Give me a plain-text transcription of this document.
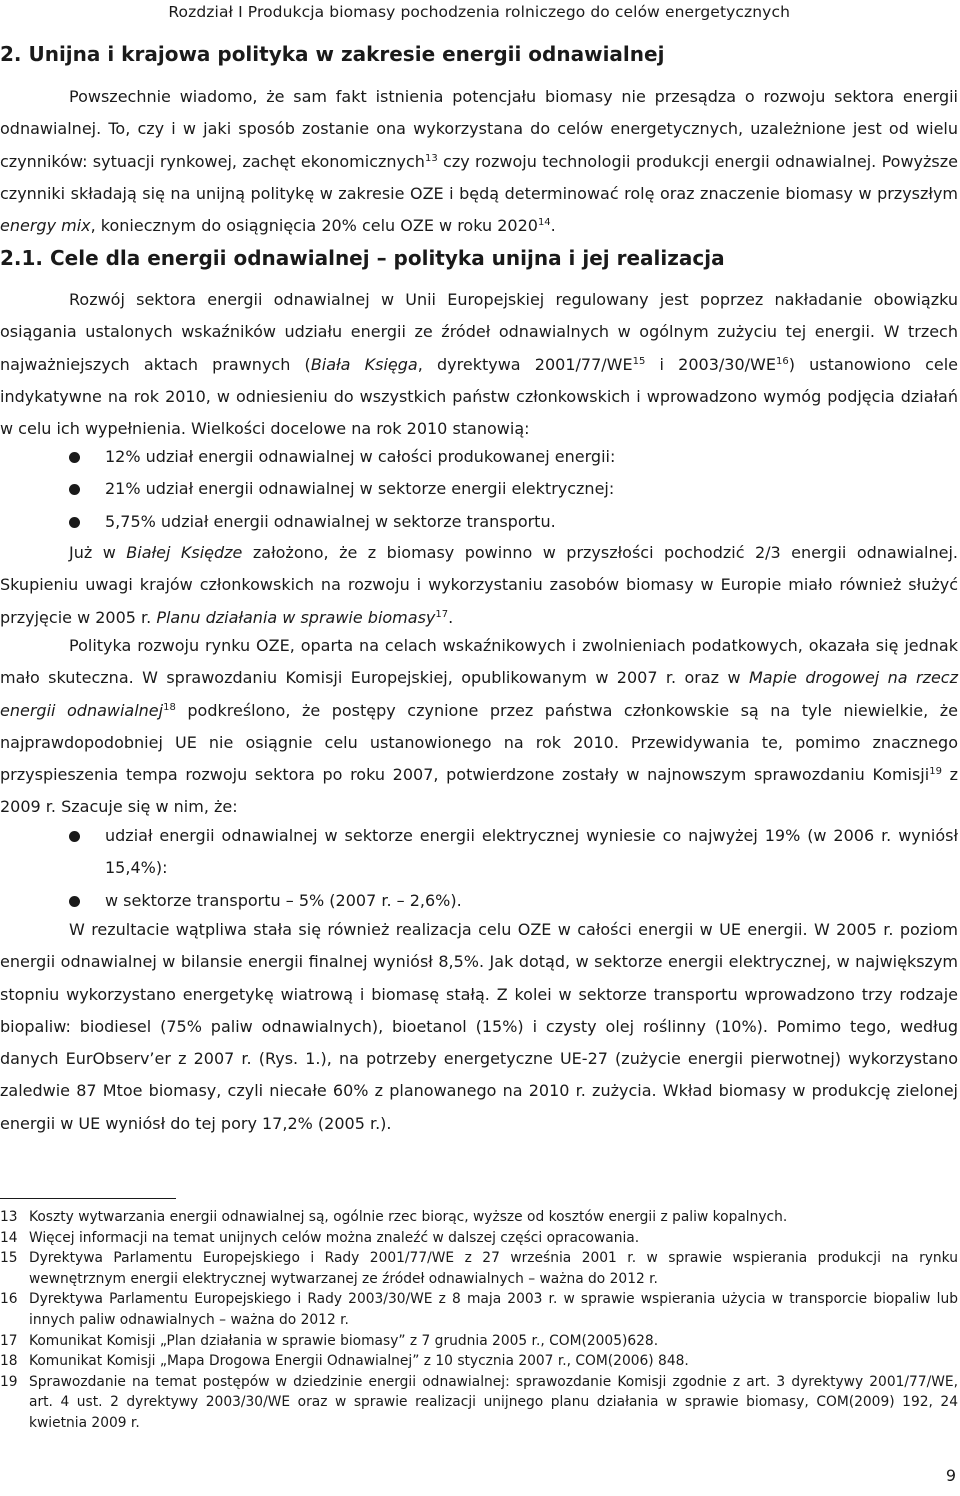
Rozdział I Produkcja biomasy pochodzenia rolniczego do celów energetycznych
2. Unijna i krajowa polityka w zakresie energii odnawialnej

Powszechnie wiadomo, że sam fakt istnienia potencjału biomasy nie przesądza o rozwoju sektora energii odnawialnej. To, czy i w jaki sposób zostanie ona wykorzystana do celów energetycznych, uzależnione jest od wielu czynników: sytuacji rynkowej, zachęt ekonomicznych$^{13}$ czy rozwoju technologii produkcji energii odnawialnej. Powyższe czynniki składają się na unijną politykę w zakresie OZE i będą determinować rolę oraz znaczenie biomasy w przyszłym energy mix, koniecznym do osiągnięcia 20% celu OZE w roku 2020$^{14}$.

2.1. Cele dla energii odnawialnej – polityka unijna i jej realizacja

Rozwój sektora energii odnawialnej w Unii Europejskiej regulowany jest poprzez nakładanie obowiązku osiągania ustalonych wskaźników udziału energii ze źródeł odnawialnych w ogólnym zużyciu tej energii. W trzech najważniejszych aktach prawnych (Biała Księga, dyrektywa 2001/77/WE$^{15}$ i 2003/30/WE$^{16}$) ustanowiono cele indykatywne na rok 2010, w odniesieniu do wszystkich państw członkowskich i wprowadzono wymóg podjęcia działań w celu ich wypełnienia. Wielkości docelowe na rok 2010 stanowią:

12% udział energii odnawialnej w całości produkowanej energii:
21% udział energii odnawialnej w sektorze energii elektrycznej:
5,75% udział energii odnawialnej w sektorze transportu.

Już w Białej Księdze założono, że z biomasy powinno w przyszłości pochodzić 2/3 energii odnawialnej. Skupieniu uwagi krajów członkowskich na rozwoju i wykorzystaniu zasobów biomasy w Europie miało również służyć przyjęcie w 2005 r. Planu działania w sprawie biomasy$^{17}$.

Polityka rozwoju rynku OZE, oparta na celach wskaźnikowych i zwolnieniach podatkowych, okazała się jednak mało skuteczna. W sprawozdaniu Komisji Europejskiej, opublikowanym w 2007 r. oraz w Mapie drogowej na rzecz energii odnawialnej$^{18}$ podkreślono, że postępy czynione przez państwa członkowskie są na tyle niewielkie, że najprawdopodobniej UE nie osiągnie celu ustanowionego na rok 2010. Przewidywania te, pomimo znacznego przyspieszenia tempa rozwoju sektora po roku 2007, potwierdzone zostały w najnowszym sprawozdaniu Komisji$^{19}$ z 2009 r. Szacuje się w nim, że:

udział energii odnawialnej w sektorze energii elektrycznej wyniesie co najwyżej 19% (w 2006 r. wyniósł 15,4%):
w sektorze transportu – 5% (2007 r. – 2,6%).

W rezultacie wątpliwa stała się również realizacja celu OZE w całości energii w UE energii. W 2005 r. poziom energii odnawialnej w bilansie energii finalnej wyniósł 8,5%. Jak dotąd, w sektorze energii elektrycznej, w największym stopniu wykorzystano energetykę wiatrową i biomasę stałą. Z kolei w sektorze transportu wprowadzono trzy rodzaje biopaliw: biodiesel (75% paliw odnawialnych), bioetanol (15%) i czysty olej roślinny (10%). Pomimo tego, według danych EurObserv’er z 2007 r. (Rys. 1.), na potrzeby energetyczne UE-27 (zużycie energii pierwotnej) wykorzystano zaledwie 87 Mtoe biomasy, czyli niecałe 60% z planowanego na 2010 r. zużycia. Wkład biomasy w produkcję zielonej energii w UE wyniósł do tej pory 17,2% (2005 r.).

13 Koszty wytwarzania energii odnawialnej są, ogólnie rzec biorąc, wyższe od kosztów energii z paliw kopalnych.
14 Więcej informacji na temat unijnych celów można znaleźć w dalszej części opracowania.
15 Dyrektywa Parlamentu Europejskiego i Rady 2001/77/WE z 27 września 2001 r. w sprawie wspierania produkcji na rynku wewnętrznym energii elektrycznej wytwarzanej ze źródeł odnawialnych – ważna do 2012 r.
16 Dyrektywa Parlamentu Europejskiego i Rady 2003/30/WE z 8 maja 2003 r. w sprawie wspierania użycia w transporcie biopaliw lub innych paliw odnawialnych – ważna do 2012 r.
17 Komunikat Komisji „Plan działania w sprawie biomasy” z 7 grudnia 2005 r., COM(2005)628.
18 Komunikat Komisji „Mapa Drogowa Energii Odnawialnej” z 10 stycznia 2007 r., COM(2006) 848.
19 Sprawozdanie na temat postępów w dziedzinie energii odnawialnej: sprawozdanie Komisji zgodnie z art. 3 dyrektywy 2001/77/WE, art. 4 ust. 2 dyrektywy 2003/30/WE oraz w sprawie realizacji unijnego planu działania w sprawie biomasy, COM(2009) 192, 24 kwietnia 2009 r.
9
